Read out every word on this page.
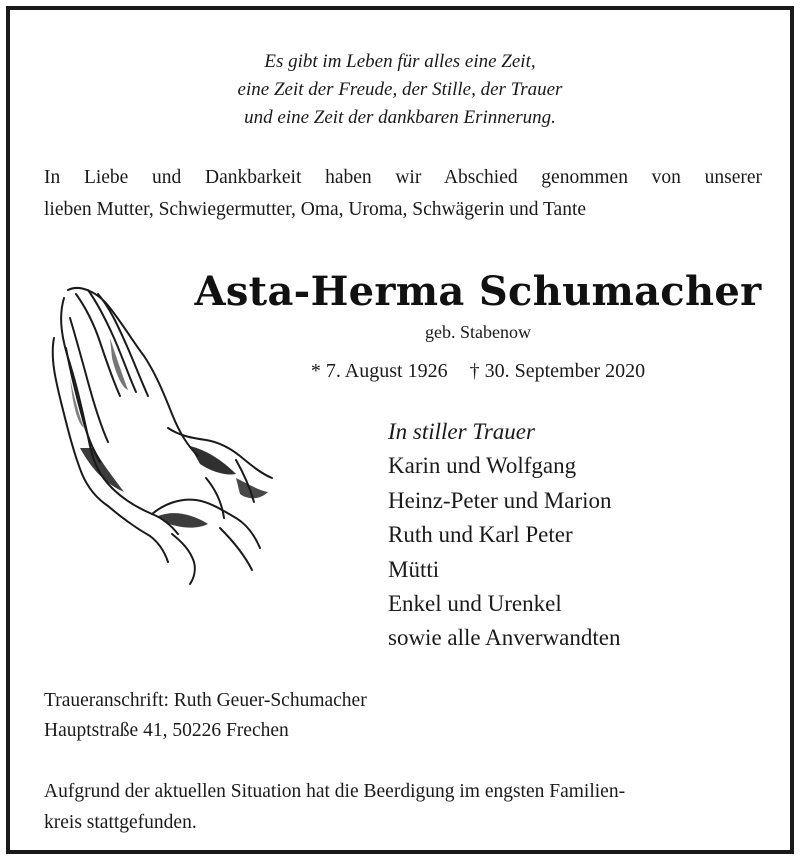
Es gibt im Leben für alles eine Zeit,
eine Zeit der Freude, der Stille, der Trauer
und eine Zeit der dankbaren Erinnerung.
In Liebe und Dankbarkeit haben wir Abschied genommen von unserer
lieben Mutter, Schwiegermutter, Oma, Uroma, Schwägerin und Tante
Asta-Herma Schumacher
geb. Stabenow
* 7. August 1926 † 30. September 2020
In stiller Trauer
Karin und Wolfgang
Heinz-Peter und Marion
Ruth und Karl Peter
Mütti
Enkel und Urenkel
sowie alle Anverwandten
Traueranschrift: Ruth Geuer-Schumacher
Hauptstraße 41, 50226 Frechen
Aufgrund der aktuellen Situation hat die Beerdigung im engsten Familien-
kreis stattgefunden.
